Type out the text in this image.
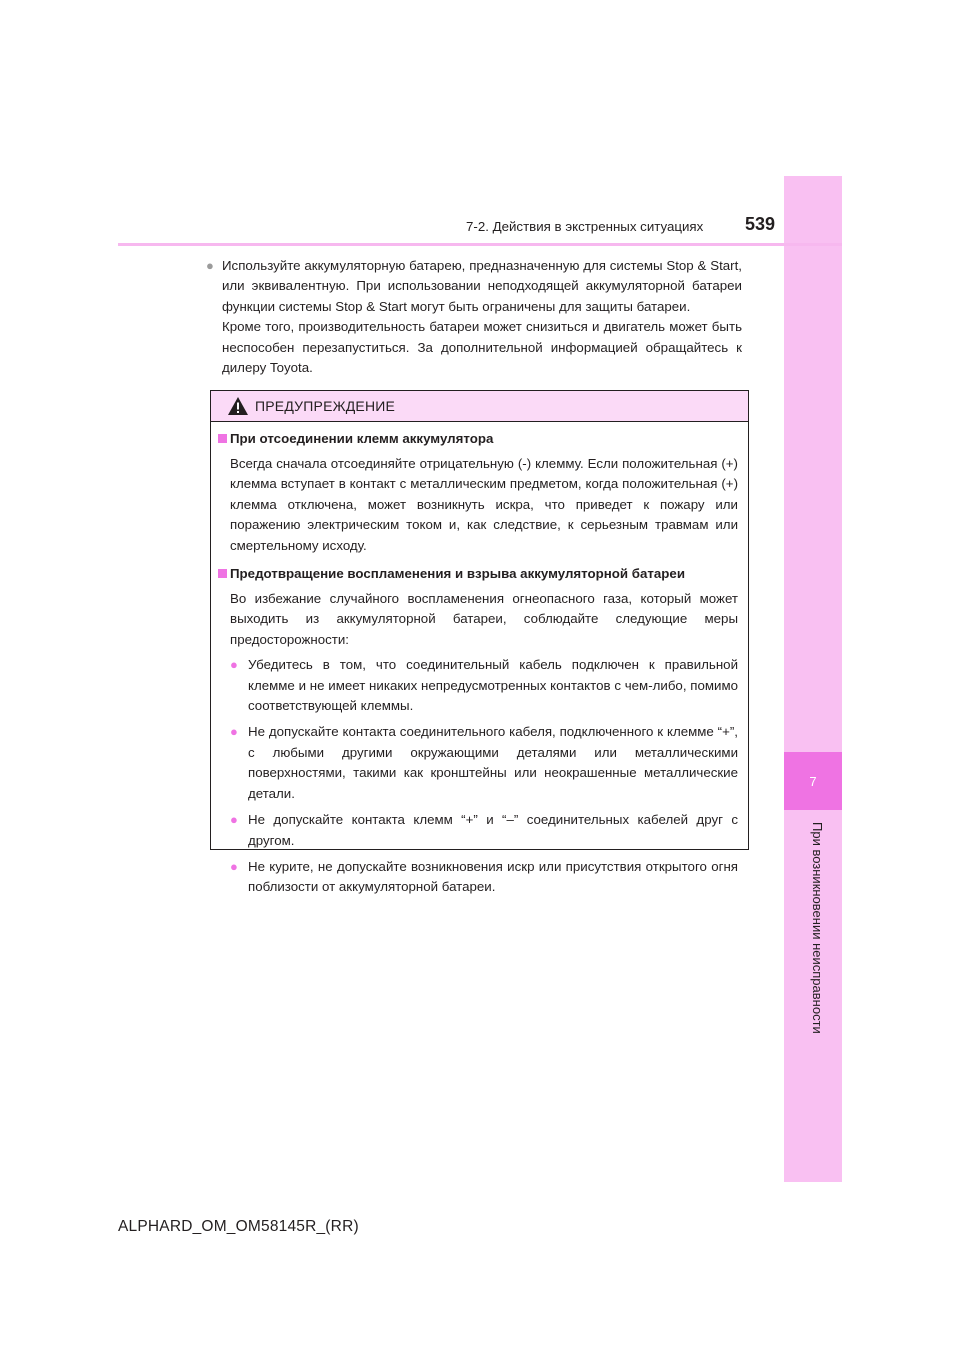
7
При возникновении неисправности
7-2. Действия в экстренных ситуациях 539
● Используйте аккумуляторную батарею, предназначенную для системы Stop & Start, или эквивалентную. При использовании неподходящей аккумуляторной батареи функции системы Stop & Start могут быть ограничены для защиты батареи.

Кроме того, производительность батареи может снизиться и двигатель может быть неспособен перезапуститься. За дополнительной информацией обращайтесь к дилеру Toyota.

ПРЕДУПРЕЖДЕНИЕ
При отсоединении клемм аккумулятора
Всегда сначала отсоединяйте отрицательную (-) клемму. Если положительная (+) клемма вступает в контакт с металлическим предметом, когда положительная (+) клемма отключена, может возникнуть искра, что приведет к пожару или поражению электрическим током и, как следствие, к серьезным травмам или смертельному исходу.
Предотвращение воспламенения и взрыва аккумуляторной батареи
Во избежание случайного воспламенения огнеопасного газа, который может выходить из аккумуляторной батареи, соблюдайте следующие меры предосторожности:
● Убедитесь в том, что соединительный кабель подключен к правильной клемме и не имеет никаких непредусмотренных контактов с чем-либо, помимо соответствующей клеммы.
● Не допускайте контакта соединительного кабеля, подключенного к клемме “+”, с любыми другими окружающими деталями или металлическими поверхностями, такими как кронштейны или неокрашенные металлические детали.
● Не допускайте контакта клемм “+” и “–” соединительных кабелей друг с другом.
● Не курите, не допускайте возникновения искр или присутствия открытого огня поблизости от аккумуляторной батареи.
ALPHARD_OM_OM58145R_(RR)
